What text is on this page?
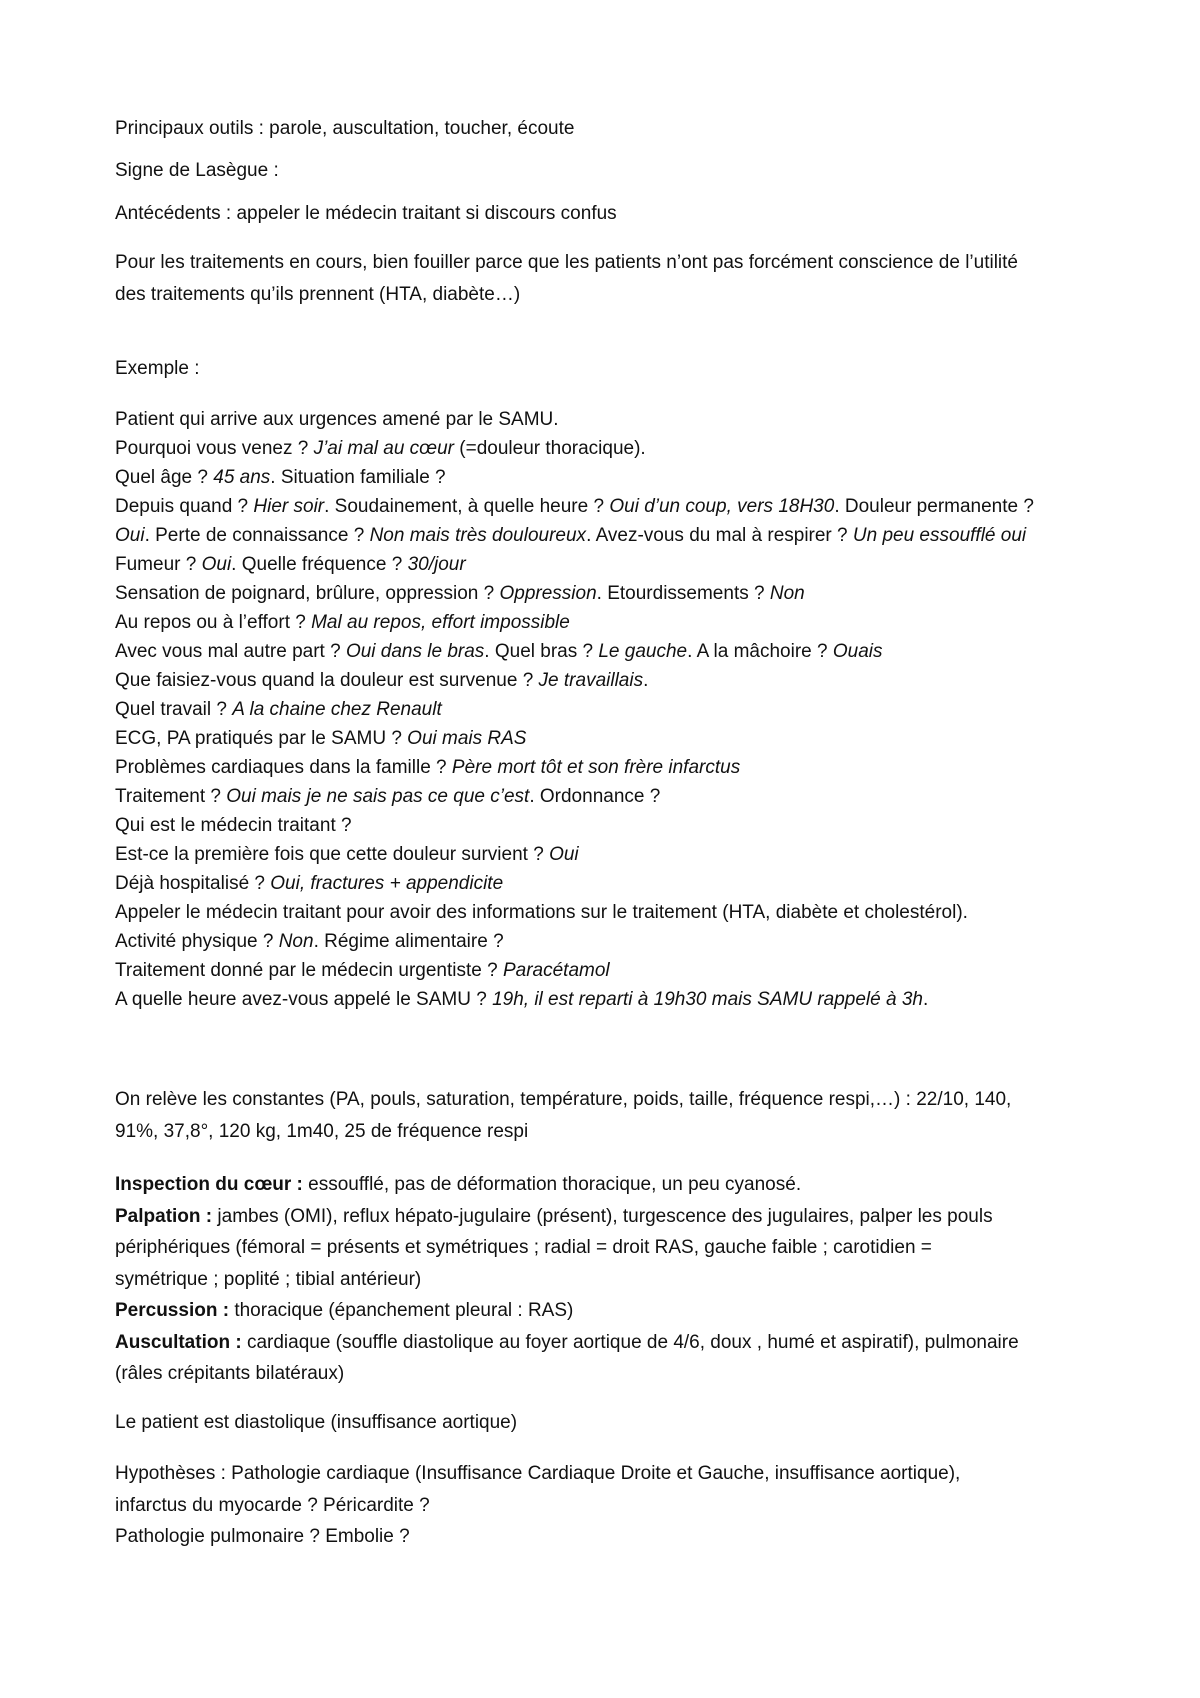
Principaux outils : parole, auscultation, toucher, écoute
Signe de Lasègue :
Antécédents : appeler le médecin traitant si discours confus
Pour les traitements en cours, bien fouiller parce que les patients n’ont pas forcément conscience de l’utilité
des traitements qu’ils prennent (HTA, diabète…)
Exemple :
Patient qui arrive aux urgences amené par le SAMU.
Pourquoi vous venez ? J’ai mal au cœur (=douleur thoracique).
Quel âge ? 45 ans. Situation familiale ?
Depuis quand ? Hier soir. Soudainement, à quelle heure ? Oui d’un coup, vers 18H30. Douleur permanente ?
Oui. Perte de connaissance ? Non mais très douloureux. Avez-vous du mal à respirer ? Un peu essoufflé oui
Fumeur ? Oui. Quelle fréquence ? 30/jour
Sensation de poignard, brûlure, oppression ? Oppression. Etourdissements ? Non
Au repos ou à l’effort ? Mal au repos, effort impossible
Avec vous mal autre part ? Oui dans le bras. Quel bras ? Le gauche. A la mâchoire ? Ouais
Que faisiez-vous quand la douleur est survenue ? Je travaillais.
Quel travail ? A la chaine chez Renault
ECG, PA pratiqués par le SAMU ? Oui mais RAS
Problèmes cardiaques dans la famille ? Père mort tôt et son frère infarctus
Traitement ? Oui mais je ne sais pas ce que c’est. Ordonnance ?
Qui est le médecin traitant ?
Est-ce la première fois que cette douleur survient ? Oui
Déjà hospitalisé ? Oui, fractures + appendicite
Appeler le médecin traitant pour avoir des informations sur le traitement (HTA, diabète et cholestérol).
Activité physique ? Non. Régime alimentaire ?
Traitement donné par le médecin urgentiste ? Paracétamol
A quelle heure avez-vous appelé le SAMU ? 19h, il est reparti à 19h30 mais SAMU rappelé à 3h.
On relève les constantes (PA, pouls, saturation, température, poids, taille, fréquence respi,…) : 22/10, 140,
91%, 37,8°, 120 kg, 1m40, 25 de fréquence respi
Inspection du cœur : essoufflé, pas de déformation thoracique, un peu cyanosé.
Palpation : jambes (OMI), reflux hépato-jugulaire (présent), turgescence des jugulaires, palper les pouls
périphériques (fémoral = présents et symétriques ; radial = droit RAS, gauche faible ; carotidien =
symétrique ; poplité ; tibial antérieur)
Percussion : thoracique (épanchement pleural : RAS)
Auscultation : cardiaque (souffle diastolique au foyer aortique de 4/6, doux , humé et aspiratif), pulmonaire
(râles crépitants bilatéraux)
Le patient est diastolique (insuffisance aortique)
Hypothèses : Pathologie cardiaque (Insuffisance Cardiaque Droite et Gauche, insuffisance aortique),
infarctus du myocarde ? Péricardite ?
Pathologie pulmonaire ? Embolie ?
